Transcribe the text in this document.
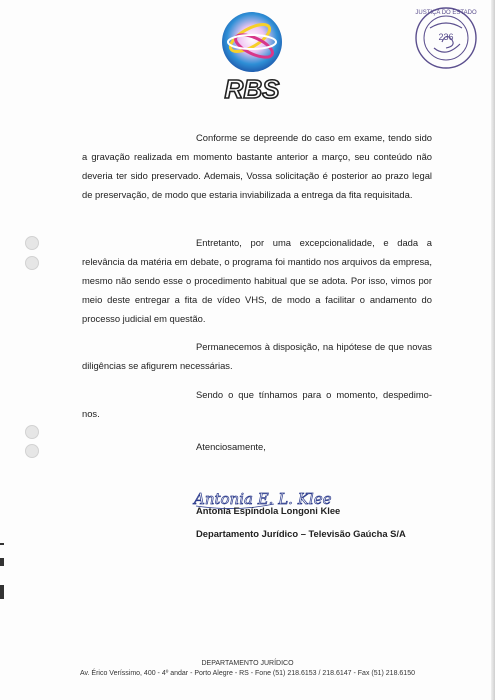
RBS
JUSTIÇA DO ESTADO
236

Conforme se depreende do caso em exame, tendo sido a gravação realizada em momento bastante anterior a março, seu conteúdo não deveria ter sido preservado. Ademais, Vossa solicitação é posterior ao prazo legal de preservação, de modo que estaria inviabilizada a entrega da fita requisitada.

Entretanto, por uma excepcionalidade, e dada a relevância da matéria em debate, o programa foi mantido nos arquivos da empresa, mesmo não sendo esse o procedimento habitual que se adota. Por isso, vimos por meio deste entregar a fita de vídeo VHS, de modo a facilitar o andamento do processo judicial em questão.

Permanecemos à disposição, na hipótese de que novas diligências se afigurem necessárias.

Sendo o que tínhamos para o momento, despedimo-nos.

Atenciosamente,

Antonia E. L. Klee

Antonia Espíndola Longoni Klee

Departamento Jurídico – Televisão Gaúcha S/A

DEPARTAMENTO JURÍDICO

Av. Érico Veríssimo, 400 - 4º andar - Porto Alegre - RS - Fone (51) 218.6153 / 218.6147 - Fax (51) 218.6150
